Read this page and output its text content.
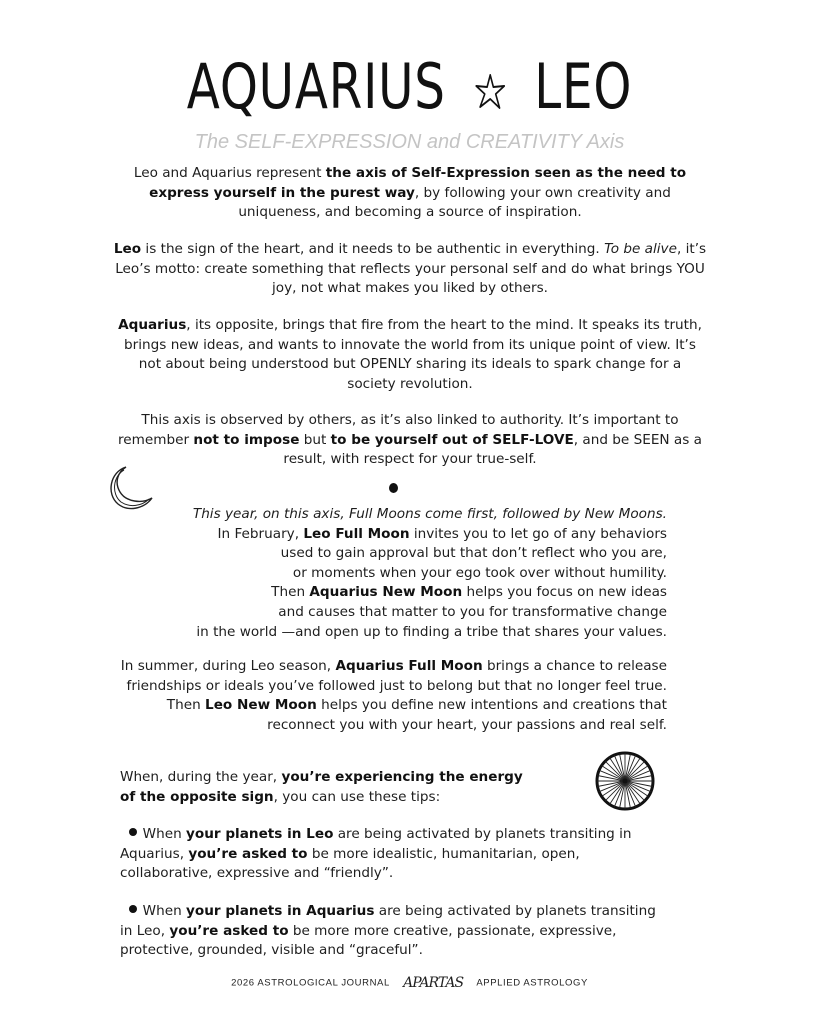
AQUARIUS LEO
The SELF-EXPRESSION and CREATIVITY Axis
Leo and Aquarius represent the axis of Self-Expression seen as the need to express yourself in the purest way, by following your own creativity and uniqueness, and becoming a source of inspiration.
Leo is the sign of the heart, and it needs to be authentic in everything. To be alive, it’s Leo’s motto: create something that reflects your personal self and do what brings YOU joy, not what makes you liked by others.
Aquarius, its opposite, brings that fire from the heart to the mind. It speaks its truth, brings new ideas, and wants to innovate the world from its unique point of view. It’s not about being understood but OPENLY sharing its ideals to spark change for a society revolution.
This axis is observed by others, as it’s also linked to authority. It’s important to remember not to impose but to be yourself out of SELF-LOVE, and be SEEN as a result, with respect for your true-self.
This year, on this axis, Full Moons come first, followed by New Moons.
In February, Leo Full Moon invites you to let go of any behaviors
used to gain approval but that don’t reflect who you are,
or moments when your ego took over without humility.
Then Aquarius New Moon helps you focus on new ideas
and causes that matter to you for transformative change
in the world —and open up to finding a tribe that shares your values.
In summer, during Leo season, Aquarius Full Moon brings a chance to release friendships or ideals you’ve followed just to belong but that no longer feel true. Then Leo New Moon helps you define new intentions and creations that reconnect you with your heart, your passions and real self.
When, during the year, you’re experiencing the energy of the opposite sign, you can use these tips:
When your planets in Leo are being activated by planets transiting in Aquarius, you’re asked to be more idealistic, humanitarian, open, collaborative, expressive and “friendly”.
When your planets in Aquarius are being activated by planets transiting in Leo, you’re asked to be more more creative, passionate, expressive, protective, grounded, visible and “graceful”.
2026 ASTROLOGICAL JOURNAL APARTAS APPLIED ASTROLOGY
